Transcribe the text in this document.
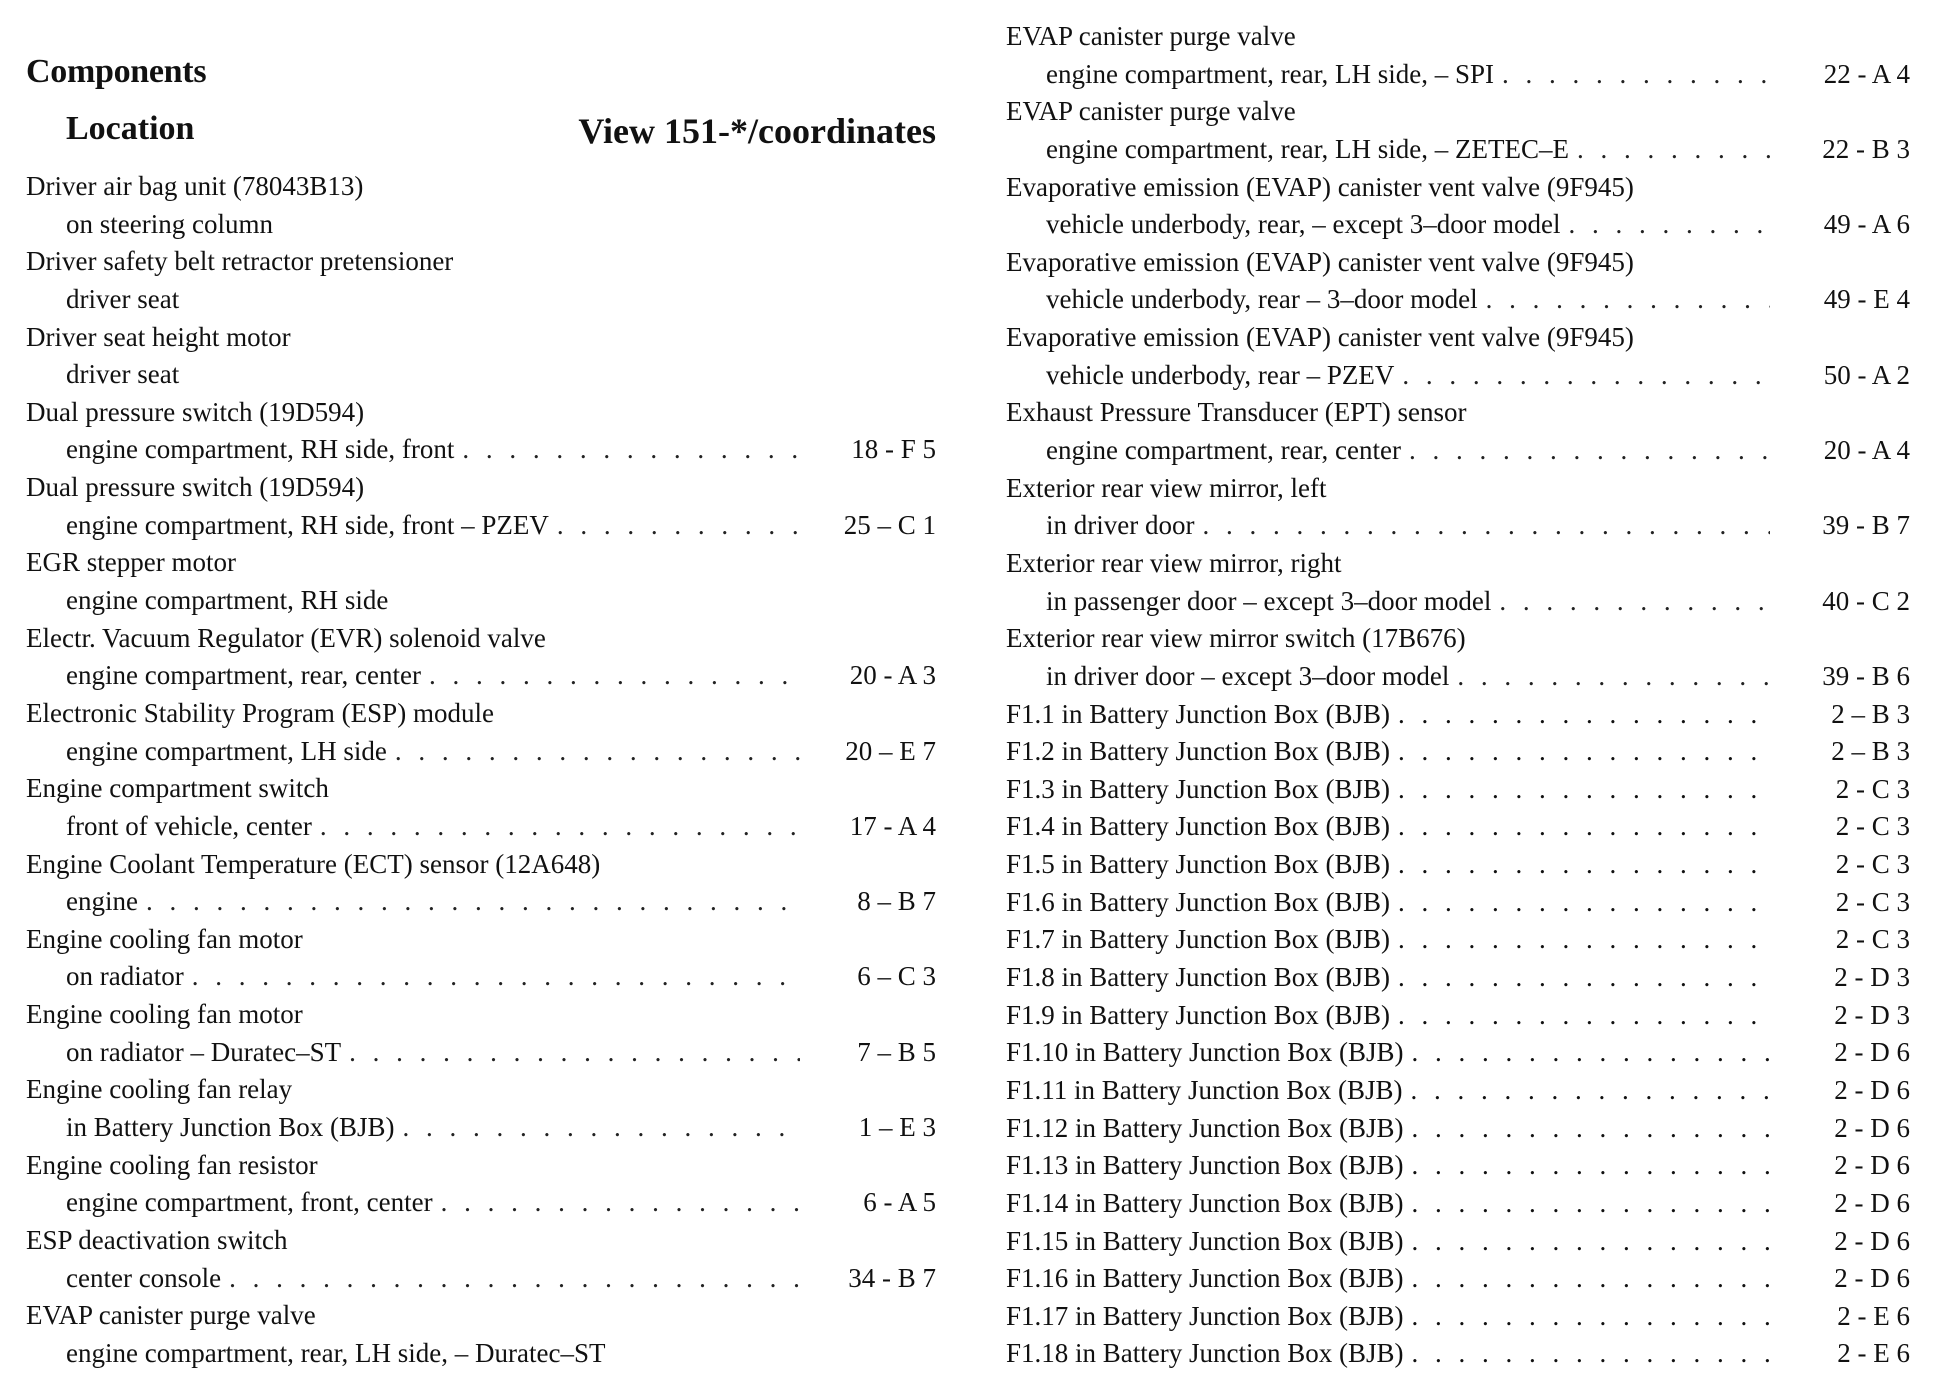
Components
Location	View 151-*/coordinates
Driver air bag unit (78043B13)
on steering column
Driver safety belt retractor pretensioner
driver seat
Driver seat height motor
driver seat
Dual pressure switch (19D594)
engine compartment, RH side, front . . .	18 - F 5
Dual pressure switch (19D594)
engine compartment, RH side, front – PZEV . . .	25 – C 1
EGR stepper motor
engine compartment, RH side
Electr. Vacuum Regulator (EVR) solenoid valve
engine compartment, rear, center . . .	20 - A 3
Electronic Stability Program (ESP) module
engine compartment, LH side . . .	20 – E 7
Engine compartment switch
front of vehicle, center . . .	17 - A 4
Engine Coolant Temperature (ECT) sensor (12A648)
engine . . .	8 – B 7
Engine cooling fan motor
on radiator . . .	6 – C 3
Engine cooling fan motor
on radiator – Duratec–ST . . .	7 – B 5
Engine cooling fan relay
in Battery Junction Box (BJB) . . .	1 – E 3
Engine cooling fan resistor
engine compartment, front, center . . .	6 - A 5
ESP deactivation switch
center console . . .	34 - B 7
EVAP canister purge valve
engine compartment, rear, LH side, – Duratec–ST
EVAP canister purge valve
engine compartment, rear, LH side, – SPI . . .	22 - A 4
EVAP canister purge valve
engine compartment, rear, LH side, – ZETEC–E . . .	22 - B 3
Evaporative emission (EVAP) canister vent valve (9F945)
vehicle underbody, rear, – except 3–door model . . .	49 - A 6
Evaporative emission (EVAP) canister vent valve (9F945)
vehicle underbody, rear – 3–door model . . .	49 - E 4
Evaporative emission (EVAP) canister vent valve (9F945)
vehicle underbody, rear – PZEV . . .	50 - A 2
Exhaust Pressure Transducer (EPT) sensor
engine compartment, rear, center . . .	20 - A 4
Exterior rear view mirror, left
in driver door . . .	39 - B 7
Exterior rear view mirror, right
in passenger door – except 3–door model . . .	40 - C 2
Exterior rear view mirror switch (17B676)
in driver door – except 3–door model . . .	39 - B 6
F1.1 in Battery Junction Box (BJB) . . .	2 – B 3
F1.2 in Battery Junction Box (BJB) . . .	2 – B 3
F1.3 in Battery Junction Box (BJB) . . .	2 - C 3
F1.4 in Battery Junction Box (BJB) . . .	2 - C 3
F1.5 in Battery Junction Box (BJB) . . .	2 - C 3
F1.6 in Battery Junction Box (BJB) . . .	2 - C 3
F1.7 in Battery Junction Box (BJB) . . .	2 - C 3
F1.8 in Battery Junction Box (BJB) . . .	2 - D 3
F1.9 in Battery Junction Box (BJB) . . .	2 - D 3
F1.10 in Battery Junction Box (BJB) . . .	2 - D 6
F1.11 in Battery Junction Box (BJB) . . .	2 - D 6
F1.12 in Battery Junction Box (BJB) . . .	2 - D 6
F1.13 in Battery Junction Box (BJB) . . .	2 - D 6
F1.14 in Battery Junction Box (BJB) . . .	2 - D 6
F1.15 in Battery Junction Box (BJB) . . .	2 - D 6
F1.16 in Battery Junction Box (BJB) . . .	2 - D 6
F1.17 in Battery Junction Box (BJB) . . .	2 - E 6
F1.18 in Battery Junction Box (BJB) . . .	2 - E 6
